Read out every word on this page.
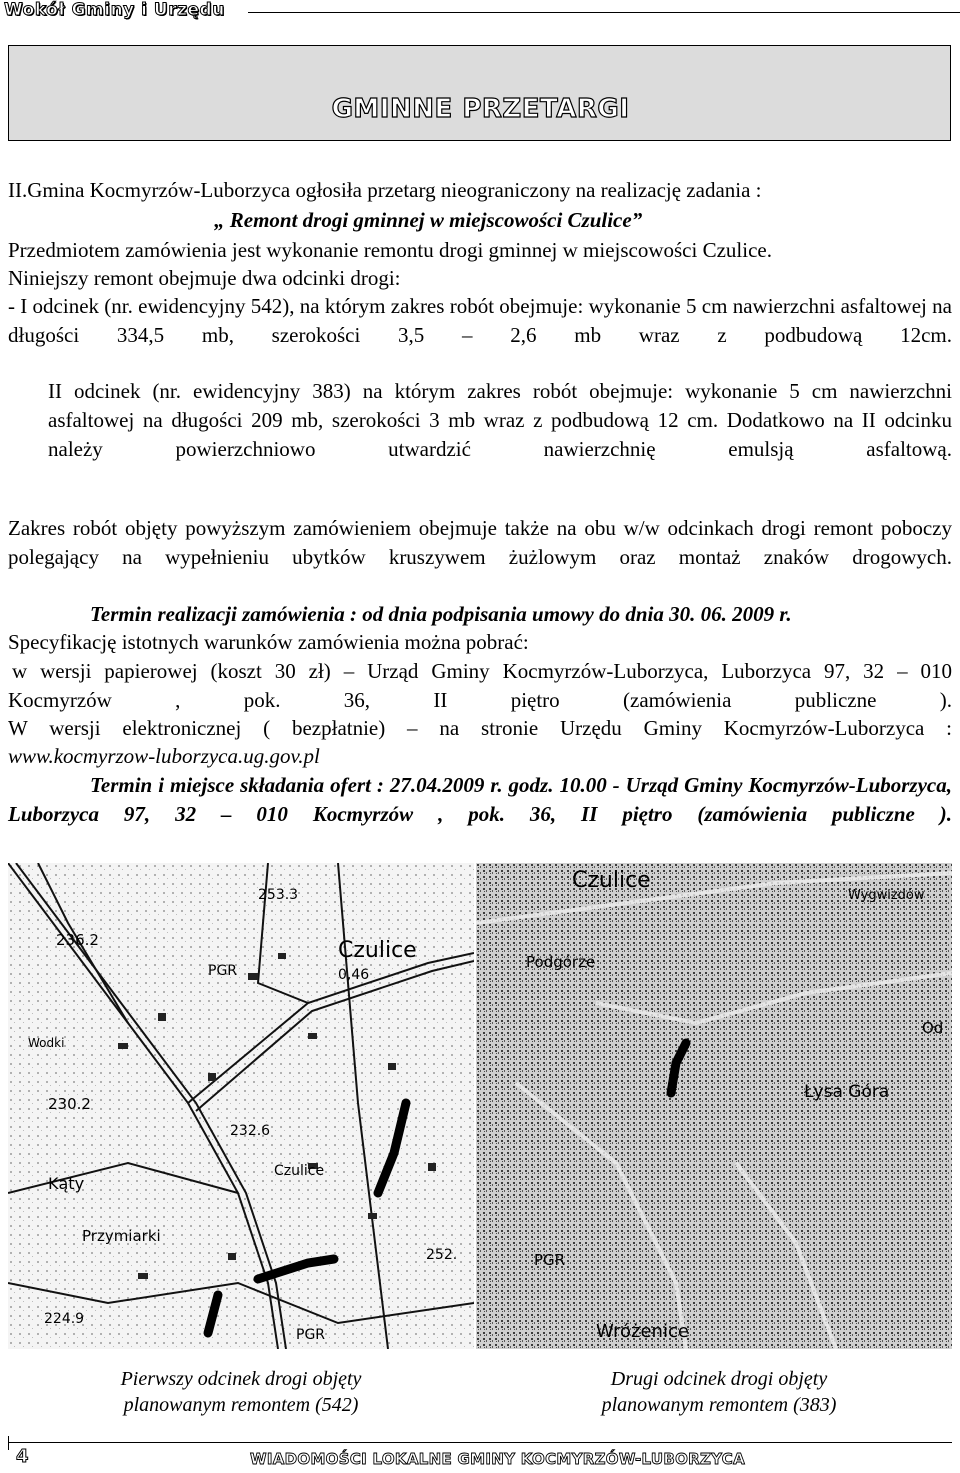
Wokół Gminy i Urzędu
GMINNE PRZETARGI
II.Gmina Kocmyrzów-Luborzyca ogłosiła przetarg nieograniczony na realizację zadania :
„ Remont drogi gminnej w miejscowości Czulice”
Przedmiotem zamówienia jest wykonanie remontu drogi gminnej w miejscowości Czulice.
Niniejszy remont obejmuje dwa odcinki drogi:
- I odcinek (nr. ewidencyjny 542), na którym zakres robót obejmuje: wykonanie 5 cm nawierzchni asfaltowej na długości 334,5 mb, szerokości 3,5 – 2,6 mb wraz z podbudową 12cm.
II odcinek (nr. ewidencyjny 383) na którym zakres robót obejmuje: wykonanie 5 cm nawierzchni asfaltowej na długości 209 mb, szerokości 3 mb wraz z podbudową 12 cm. Dodatkowo na II odcinku należy powierzchniowo utwardzić nawierzchnię emulsją asfaltową.
Zakres robót objęty powyższym zamówieniem obejmuje także na obu w/w odcinkach drogi remont poboczy polegający na wypełnieniu ubytków kruszywem żużlowym oraz montaż znaków drogowych.
Termin realizacji zamówienia : od dnia podpisania umowy do dnia 30. 06. 2009 r.
Specyfikację istotnych warunków zamówienia można pobrać:
w wersji papierowej (koszt 30 zł) – Urząd Gminy Kocmyrzów-Luborzyca, Luborzyca 97, 32 – 010 Kocmyrzów , pok. 36, II piętro (zamówienia publiczne ).
W wersji elektronicznej ( bezpłatnie) – na stronie Urzędu Gminy Kocmyrzów-Luborzyca :
www.kocmyrzow-luborzyca.ug.gov.pl
Termin i miejsce składania ofert : 27.04.2009 r. godz. 10.00 - Urząd Gminy Kocmyrzów-Luborzyca, Luborzyca 97, 32 – 010 Kocmyrzów , pok. 36, II piętro (zamówienia publiczne ).
253.3
236.2	Czulice
PGR	0,46
Wodki
230.2
232.6
Kąty
Czulice
Przymiarki
252.
224.9
PGR
Czulice
Wygwizdów
Podgórze
Od
Łysa Góra
PGR
Wróżenice
Pierwszy odcinek drogi objęty
planowanym remontem (542)
Drugi odcinek drogi objęty
planowanym remontem (383)
4	WIADOMOŚCI LOKALNE GMINY KOCMYRZÓW-LUBORZYCA
